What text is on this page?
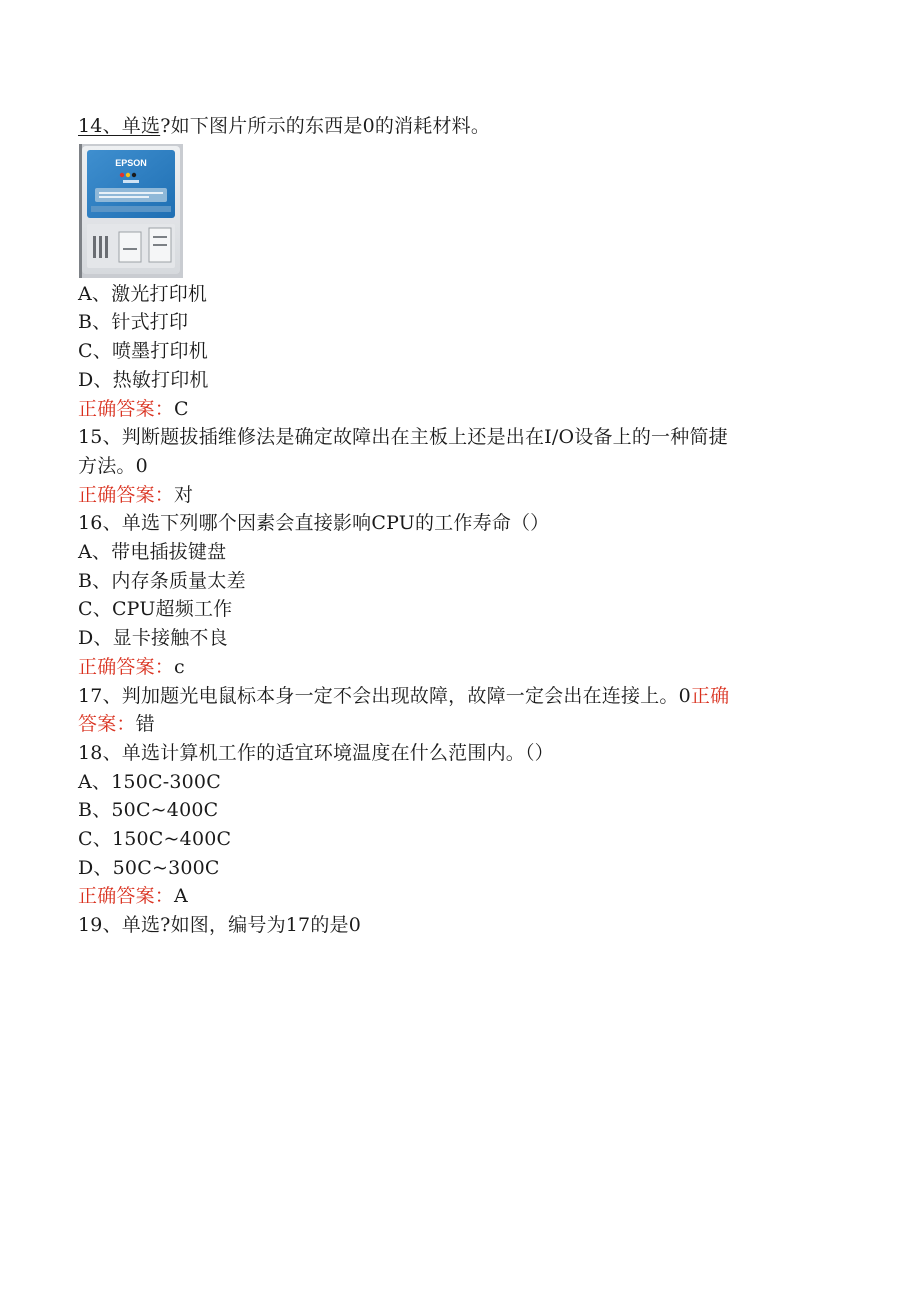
14、单选?如下图片所示的东西是0的消耗材料。
EPSON
A、激光打印机
B、针式打印
C、喷墨打印机
D、热敏打印机
正确答案：C
15、判断题拔插维修法是确定故障出在主板上还是出在I/O设备上的一种简捷
方法。0
正确答案：对
16、单选下列哪个因素会直接影响CPU的工作寿命（）
A、带电插拔键盘
B、内存条质量太差
C、CPU超频工作
D、显卡接触不良
正确答案：c
17、判加题光电鼠标本身一定不会出现故障，故障一定会出在连接上。0正确
答案：错
18、单选计算机工作的适宜环境温度在什么范围内。（）
A、150C-300C
B、50C~400C
C、150C~400C
D、50C~300C
正确答案：A
19、单选?如图，编号为17的是0
